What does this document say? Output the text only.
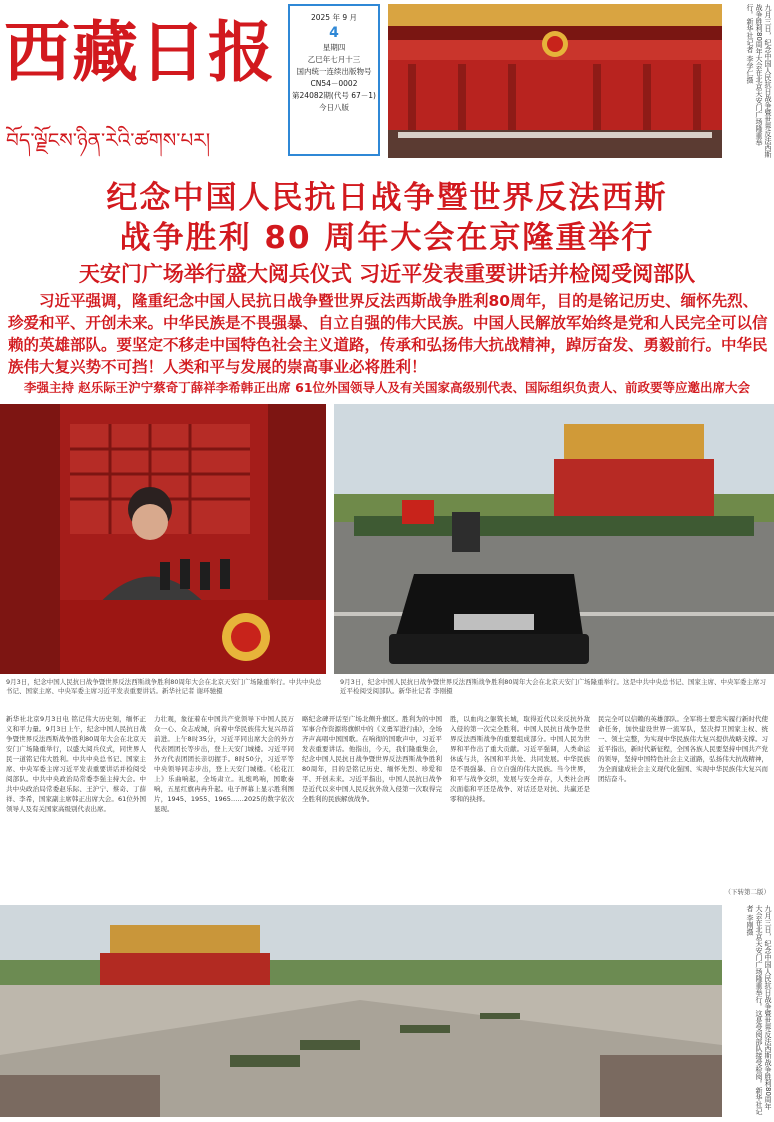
西藏日报
བོད་ལྗོངས་ཉིན་རེའི་ཚགས་པར།
2025 年 9 月
4
星期四
乙巳年七月十三
国内统一连续出版物号
CN54－0002
第24082期(代号 67－1)
今日八版	九月三日，纪念中国人民抗日战争暨世界反法西斯战争胜利80周年大会在北京天安门广场隆重举行。新华社记者 李学仁摄
纪念中国人民抗日战争暨世界反法西斯
战争胜利 80 周年大会在京隆重举行
天安门广场举行盛大阅兵仪式 习近平发表重要讲话并检阅受阅部队
习近平强调，隆重纪念中国人民抗日战争暨世界反法西斯战争胜利80周年，目的是铭记历史、缅怀先烈、珍爱和平、开创未来。中华民族是不畏强暴、自立自强的伟大民族。中国人民解放军始终是党和人民完全可以信赖的英雄部队。要坚定不移走中国特色社会主义道路，传承和弘扬伟大抗战精神，踔厉奋发、勇毅前行。中华民族伟大复兴势不可挡！人类和平与发展的崇高事业必将胜利！
李强主持 赵乐际王沪宁蔡奇丁薛祥李希韩正出席 61位外国领导人及有关国家高级别代表、国际组织负责人、前政要等应邀出席大会
9月3日，纪念中国人民抗日战争暨世界反法西斯战争胜利80周年大会在北京天安门广场隆重举行。中共中央总书记、国家主席、中央军委主席习近平发表重要讲话。新华社记者 谢环驰摄
9月3日，纪念中国人民抗日战争暨世界反法西斯战争胜利80周年大会在北京天安门广场隆重举行。这是中共中央总书记、国家主席、中央军委主席习近平检阅受阅部队。新华社记者 李刚摄
新华社北京9月3日电 铭记伟大历史刻，缅怀正义和平力量。9月3日上午，纪念中国人民抗日战争暨世界反法西斯战争胜利80周年大会在北京天安门广场隆重举行，以盛大阅兵仪式，同世界人民一道铭记伟大胜利。中共中央总书记、国家主席、中央军委主席习近平发表重要讲话并检阅受阅部队。中共中央政治局常委李强主持大会。中共中央政治局常委赵乐际、王沪宁、蔡奇、丁薛祥、李希，国家副主席韩正出席大会。61位外国领导人及有关国家高级别代表出席。
力壮观，象征着在中国共产党领导下中国人民万众一心、众志成城，向着中华民族伟大复兴昂首前进。上午8时35分，习近平同出席大会的外方代表团团长等步出，登上天安门城楼。习近平同外方代表团团长亲切握手。8时50分，习近平等中央领导同志步出，登上天安门城楼。《松花江上》乐曲响起，全场肃立。礼炮鸣响，国歌奏响，五星红旗冉冉升起。电子屏幕上显示胜利图片，1945、1955、1965……2025的数字依次显现。
略纪念碑开话至广场北侧升旗区。胜利为的中国军事合作资源将旗帜中的《义勇军进行曲》，全场齐声高唱中国国歌。在响彻的国歌声中，习近平发表重要讲话。他指出，今天，我们隆重集会，纪念中国人民抗日战争暨世界反法西斯战争胜利80周年，目的是铭记历史、缅怀先烈、珍爱和平、开创未来。习近平指出，中国人民抗日战争是近代以来中国人民反抗外敌入侵第一次取得完全胜利的民族解放战争。
胜，以血肉之躯筑长城，取得近代以来反抗外敌入侵的第一次完全胜利。中国人民抗日战争是世界反法西斯战争的重要组成部分。中国人民为世界和平作出了重大贡献。习近平强调，人类命运休戚与共，各国和平共处、共同发展。中华民族是不畏强暴、自立自强的伟大民族。当今世界，和平与战争交织，发展与安全并存，人类社会再次面临和平还是战争、对话还是对抗、共赢还是零和的抉择。
民完全可以信赖的英雄部队。全军将士要忠实履行新时代使命任务，加快建设世界一流军队，坚决捍卫国家主权、统一、领土完整，为实现中华民族伟大复兴提供战略支撑。习近平指出，新时代新征程，全国各族人民要坚持中国共产党的领导，坚持中国特色社会主义道路，弘扬伟大抗战精神，为全面建成社会主义现代化强国、实现中华民族伟大复兴而团结奋斗。
（下转第二版）
九月三日，纪念中国人民抗日战争暨世界反法西斯战争胜利80周年大会在北京天安门广场隆重举行。这是受阅部队接受检阅。新华社记者 李刚摄
